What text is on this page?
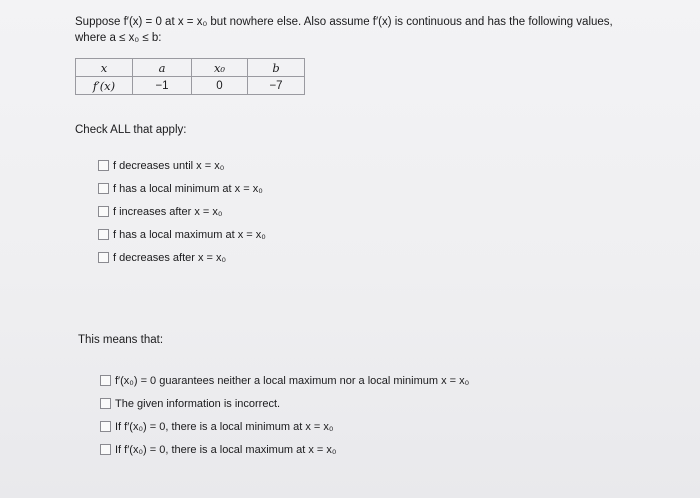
Suppose f′(x) = 0 at x = x₀ but nowhere else. Also assume f′(x) is continuous and has the following values,
where a ≤ x₀ ≤ b:
x	a	x₀	b
f′(x)	−1	0	−7
Check ALL that apply:
f decreases until x = x₀
f has a local minimum at x = x₀
f increases after x = x₀
f has a local maximum at x = x₀
f decreases after x = x₀
This means that:
f′(x₀) = 0 guarantees neither a local maximum nor a local minimum x = x₀
The given information is incorrect.
If f′(x₀) = 0, there is a local minimum at x = x₀
If f′(x₀) = 0, there is a local maximum at x = x₀
